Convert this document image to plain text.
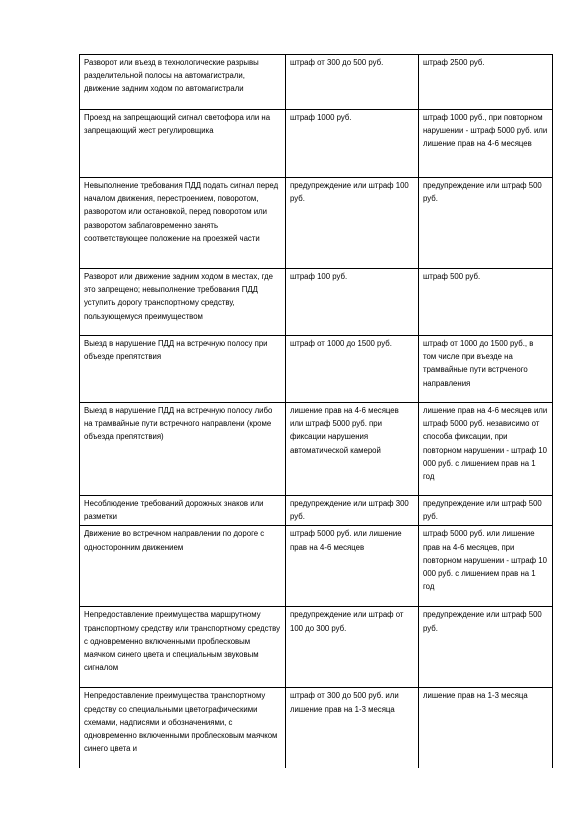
Разворот или въезд в технологические разрывы разделительной полосы на автомагистрали, движение задним ходом по автомагистрали	штраф от 300 до 500 руб.	штраф 2500 руб.
Проезд на запрещающий сигнал светофора или на запрещающий жест регулировщика	штраф 1000 руб.	штраф 1000 руб., при повторном нарушении - штраф 5000 руб. или лишение прав на 4-6 месяцев
Невыполнение требования ПДД подать сигнал перед началом движения, перестроением, поворотом, разворотом или остановкой, перед поворотом или разворотом заблаговременно занять соответствующее положение на проезжей части	предупреждение или штраф 100 руб.	предупреждение или штраф 500 руб.
Разворот или движение задним ходом в местах, где это запрещено; невыполнение требования ПДД уступить дорогу транспортному средству, пользующемуся преимуществом	штраф 100 руб.	штраф 500 руб.
Выезд в нарушение ПДД на встречную полосу при объезде препятствия	штраф от 1000 до 1500 руб.	штраф от 1000 до 1500 руб., в том числе при въезде на трамвайные пути встрченого направления
Выезд в нарушение ПДД на встречную полосу либо на трамвайные пути встречного направлени (кроме объезда препятствия)	лишение прав на 4-6 месяцев или штраф 5000 руб. при фиксации нарушения автоматической камерой	лишение прав на 4-6 месяцев или штраф 5000 руб. независимо от способа фиксации, при повторном нарушении - штраф 10 000 руб. с лишением прав на 1 год
Несоблюдение требований дорожных знаков или разметки	предупреждение или штраф 300 руб.	предупреждение или штраф 500 руб.
Движение во встречном направлении по дороге с односторонним движением	штраф 5000 руб. или лишение прав на 4-6 месяцев	штраф 5000 руб. или лишение прав на 4-6 месяцев, при повторном нарушении - штраф 10 000 руб. с лишением прав на 1 год
Непредоставление преимущества маршрутному транспортному средству или транспортному средству с одновременно включенными проблесковым маячком синего цвета и специальным звуковым сигналом	предупреждение или штраф от 100 до 300 руб.	предупреждение или штраф 500 руб.
Непредоставление преимущества транспортному средству со специальными цветографическими схемами, надписями и обозначениями, с одновременно включенными проблесковым маячком синего цвета и	штраф от 300 до 500 руб. или лишение прав на 1-3 месяца	лишение прав на 1-3 месяца
